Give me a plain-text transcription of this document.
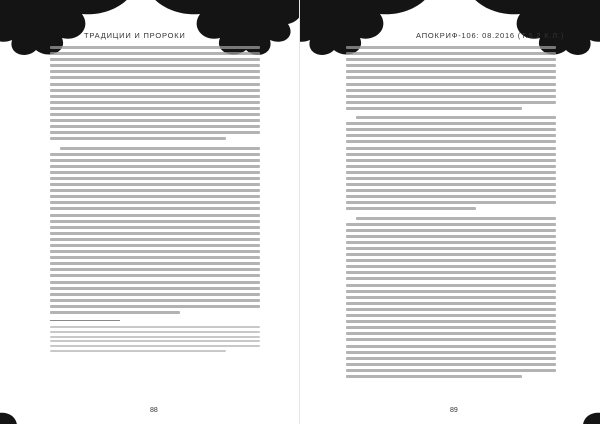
ТРАДИЦИИ И ПРОРОКИ
88
АПОКРИФ-106: 08.2016 (Т.5.2 К.Л.)
89
